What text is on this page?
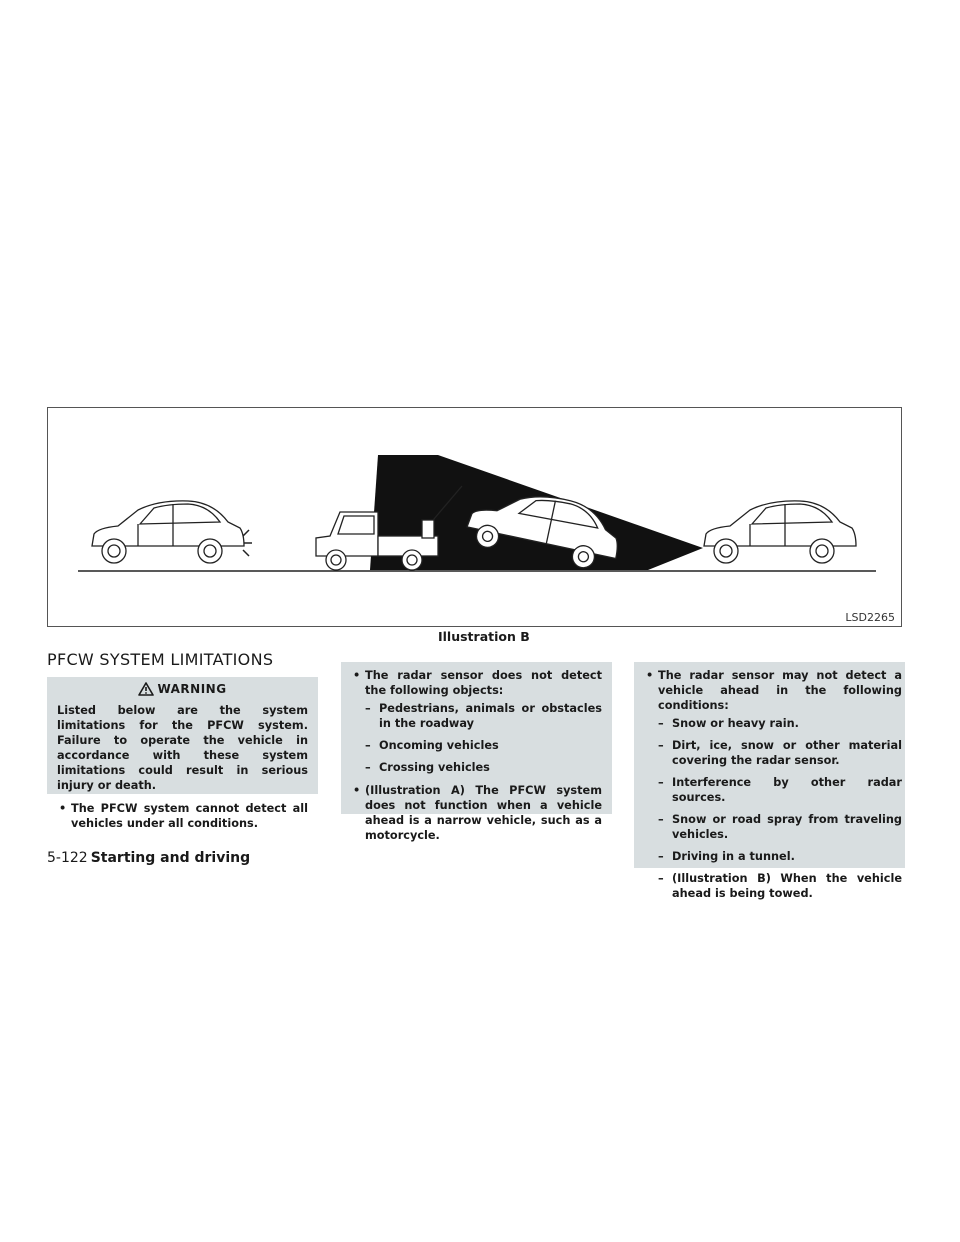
LSD2265
Illustration B
PFCW SYSTEM LIMITATIONS
WARNING
Listed below are the system limitations for the PFCW system. Failure to operate the vehicle in accordance with these system limitations could result in serious injury or death.
• The PFCW system cannot detect all vehicles under all conditions.
• The radar sensor does not detect the following objects:
– Pedestrians, animals or obstacles in the roadway
– Oncoming vehicles
– Crossing vehicles
• (Illustration A) The PFCW system does not function when a vehicle ahead is a narrow vehicle, such as a motorcycle.
• The radar sensor may not detect a vehicle ahead in the following conditions:
– Snow or heavy rain.
– Dirt, ice, snow or other material covering the radar sensor.
– Interference by other radar sources.
– Snow or road spray from traveling vehicles.
– Driving in a tunnel.
– (Illustration B) When the vehicle ahead is being towed.
5-122 Starting and driving
